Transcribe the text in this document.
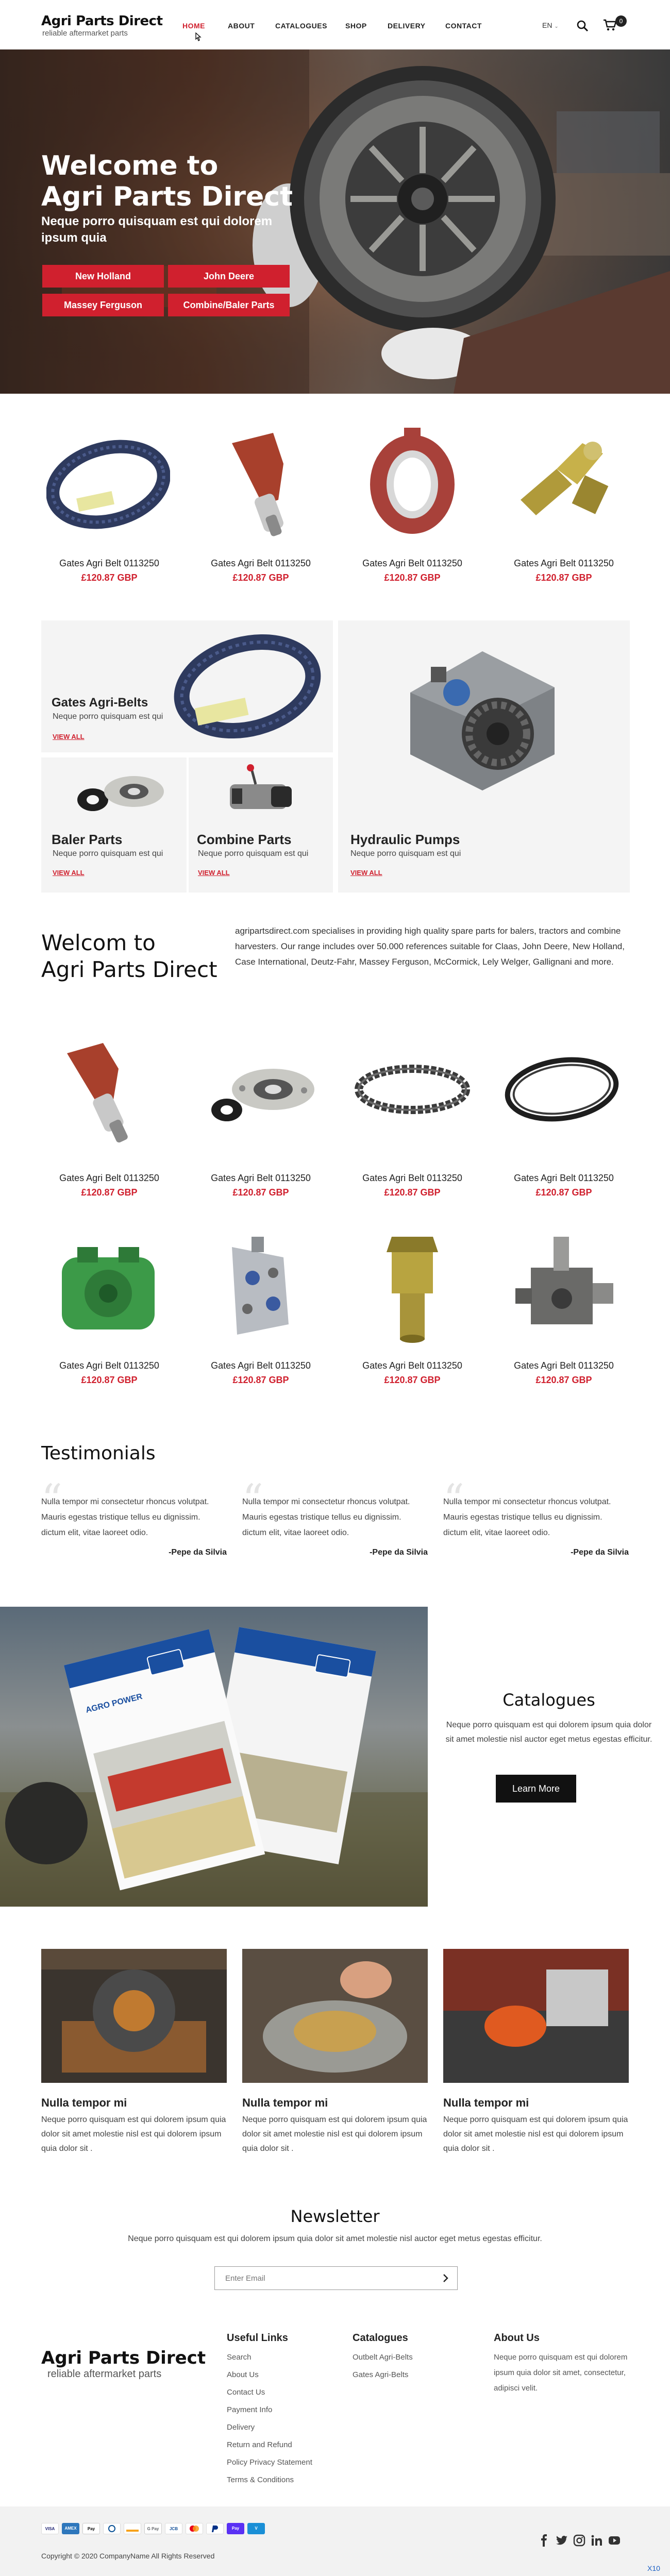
Agri Parts Direct
reliable aftermarket parts
HOME	ABOUT	CATALOGUES	SHOP	DELIVERY	CONTACT	EN ⌄
0
Welcome to
Agri Parts Direct
Neque porro quisquam est qui dolorem ipsum quia
New Holland	John Deere
Massey Ferguson	Combine/Baler Parts
Gates Agri Belt 0113250
£120.87 GBP
Gates Agri Belt 0113250
£120.87 GBP
Gates Agri Belt 0113250
£120.87 GBP
Gates Agri Belt 0113250
£120.87 GBP
Gates Agri-Belts
Neque porro quisquam est qui
VIEW ALL
Baler Parts
Neque porro quisquam est qui
VIEW ALL
Combine Parts
Neque porro quisquam est qui
VIEW ALL
Hydraulic Pumps
Neque porro quisquam est qui
VIEW ALL
Welcom to
Agri Parts Direct
agripartsdirect.com specialises in providing high quality spare parts for balers, tractors and combine harvesters. Our range includes over 50.000 references suitable for Claas, John Deere, New Holland, Case International, Deutz-Fahr, Massey Ferguson, McCormick, Lely Welger, Gallignani and more.
Gates Agri Belt 0113250
£120.87 GBP
Gates Agri Belt 0113250
£120.87 GBP
Gates Agri Belt 0113250
£120.87 GBP
Gates Agri Belt 0113250
£120.87 GBP
Gates Agri Belt 0113250
£120.87 GBP
Gates Agri Belt 0113250
£120.87 GBP
Gates Agri Belt 0113250
£120.87 GBP
Gates Agri Belt 0113250
£120.87 GBP
Testimonials
“	“	“
Nulla tempor mi consectetur rhoncus volutpat. Mauris egestas tristique tellus eu dignissim. dictum elit, vitae laoreet odio.
-Pepe da Silvia
Nulla tempor mi consectetur rhoncus volutpat. Mauris egestas tristique tellus eu dignissim. dictum elit, vitae laoreet odio.
-Pepe da Silvia
Nulla tempor mi consectetur rhoncus volutpat. Mauris egestas tristique tellus eu dignissim. dictum elit, vitae laoreet odio.
-Pepe da Silvia
AGRO POWER	Catalogues
Neque porro quisquam est qui dolorem ipsum quia dolor sit amet molestie nisl auctor eget metus egestas efficitur.
Learn More
Nulla tempor mi
Neque porro quisquam est qui dolorem ipsum quia dolor sit amet molestie nisl est qui dolorem ipsum quia dolor sit .
Nulla tempor mi
Neque porro quisquam est qui dolorem ipsum quia dolor sit amet molestie nisl est qui dolorem ipsum quia dolor sit .
Nulla tempor mi
Neque porro quisquam est qui dolorem ipsum quia dolor sit amet molestie nisl est qui dolorem ipsum quia dolor sit .
Newsletter
Neque porro quisquam est qui dolorem ipsum quia dolor sit amet molestie nisl auctor eget metus egestas efficitur.
Enter Email
Agri Parts Direct
reliable aftermarket parts
Useful Links
Search
About Us
Contact Us
Payment Info
Delivery
Return and Refund
Policy Privacy Statement
Terms & Conditions
Catalogues
Outbelt Agri-Belts
Gates Agri-Belts
About Us
Neque porro quisquam est qui dolorem ipsum quia dolor sit amet, consectetur, adipisci velit.
VISA	AMEX	Pay	G Pay	JCB	Pay	V
Copyright © 2020 CompanyName All Rights Reserved
X10
